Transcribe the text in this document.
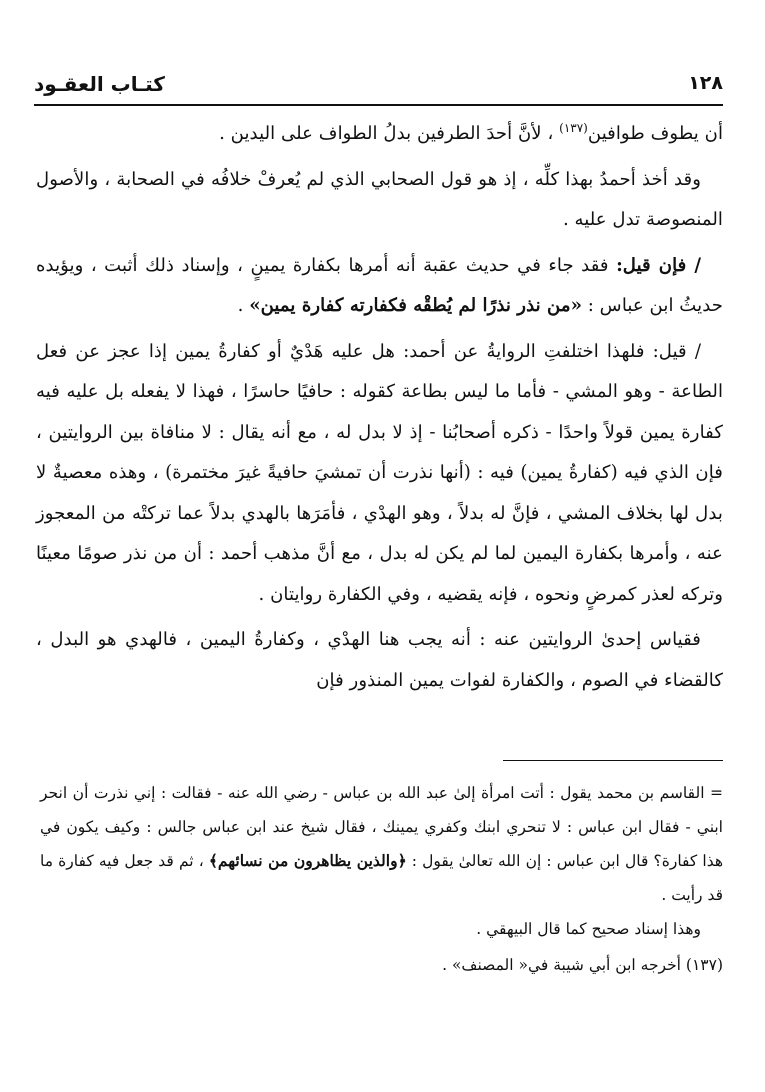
كتـاب العقـود	١٢٨

أن يطوف طوافين$^{(١٣٧)}$ ، لأنَّ أحدَ الطرفين بدلُ الطواف على اليدين .

وقد أخذ أحمدُ بهذا كلِّه ، إذ هو قول الصحابي الذي لم يُعرفْ خلافُه في الصحابة ، والأصول المنصوصة تدل عليه .

/ فإن قيل: فقد جاء في حديث عقبة أنه أمرها بكفارة يمينٍ ، وإسناد ذلك أثبت ، ويؤيده حديثُ ابن عباس : «من نذر نذرًا لم يُطقْه فكفارته كفارة يمين» .

/ قيل: فلهذا اختلفتِ الروايةُ عن أحمد: هل عليه هَدْيٌ أو كفارةُ يمين إذا عجز عن فعل الطاعة - وهو المشي - فأما ما ليس بطاعة كقوله : حافيًا حاسرًا ، فهذا لا يفعله بل عليه فيه كفارة يمين قولاً واحدًا - ذكره أصحابُنا - إذ لا بدل له ، مع أنه يقال : لا منافاة بين الروايتين ، فإن الذي فيه (كفارةُ يمين) فيه : (أنها نذرت أن تمشيَ حافيةً غيرَ مختمرة) ، وهذه معصيةٌ لا بدل لها بخلاف المشي ، فإنَّ له بدلاً ، وهو الهدْي ، فأمَرَها بالهدي بدلاً عما تركتْه من المعجوز عنه ، وأمرها بكفارة اليمين لما لم يكن له بدل ، مع أنَّ مذهب أحمد : أن من نذر صومًا معينًا وتركه لعذر كمرضٍ ونحوه ، فإنه يقضيه ، وفي الكفارة روايتان .

فقياس إحدىٰ الروايتين عنه : أنه يجب هنا الهدْي ، وكفارةُ اليمين ، فالهدي هو البدل ، كالقضاء في الصوم ، والكفارة لفوات يمين المنذور فإن

= القاسم بن محمد يقول : أتت امرأة إلىٰ عبد الله بن عباس - رضي الله عنه - فقالت : إني نذرت أن انحر ابني - فقال ابن عباس : لا تنحري ابنك وكفري يمينك ، فقال شيخ عند ابن عباس جالس : وكيف يكون في هذا كفارة؟ قال ابن عباس : إن الله تعالىٰ يقول : ﴿والذين يظاهرون من نسائهم﴾ ، ثم قد جعل فيه كفارة ما قد رأيت .

وهذا إسناد صحيح كما قال البيهقي .

(١٣٧) أخرجه ابن أبي شيبة في« المصنف» .
